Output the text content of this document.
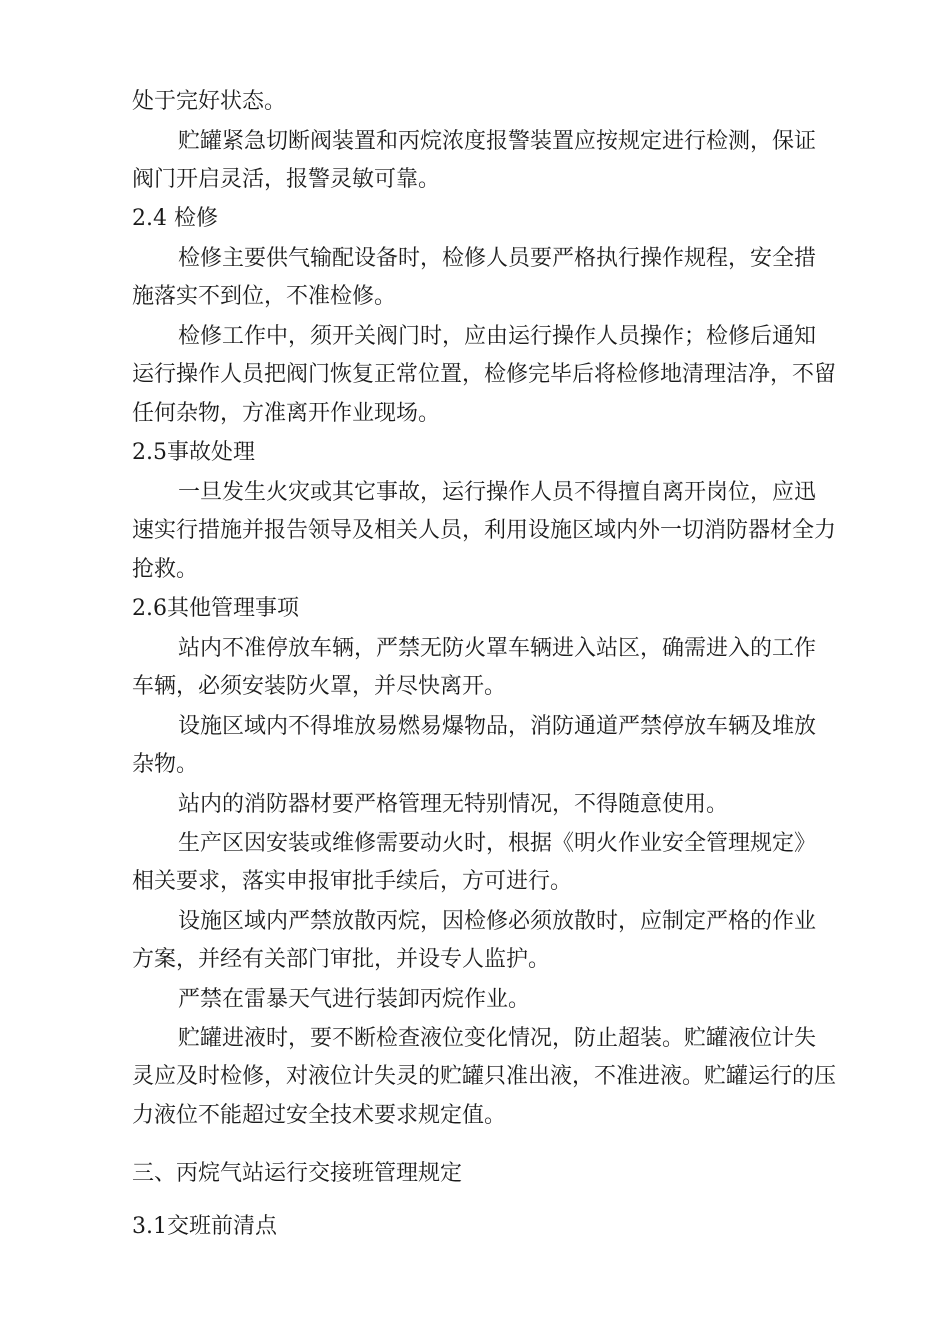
处于完好状态。
贮罐紧急切断阀装置和丙烷浓度报警装置应按规定进行检测，保证
阀门开启灵活，报警灵敏可靠。
2.4 检修
检修主要供气输配设备时，检修人员要严格执行操作规程，安全措
施落实不到位，不准检修。
检修工作中，须开关阀门时，应由运行操作人员操作；检修后通知
运行操作人员把阀门恢复正常位置，检修完毕后将检修地清理洁净，不留
任何杂物，方准离开作业现场。
2.5事故处理
一旦发生火灾或其它事故，运行操作人员不得擅自离开岗位，应迅
速实行措施并报告领导及相关人员，利用设施区域内外一切消防器材全力
抢救。
2.6其他管理事项
站内不准停放车辆，严禁无防火罩车辆进入站区，确需进入的工作
车辆，必须安装防火罩，并尽快离开。
设施区域内不得堆放易燃易爆物品，消防通道严禁停放车辆及堆放
杂物。
站内的消防器材要严格管理无特别情况，不得随意使用。
生产区因安装或维修需要动火时，根据《明火作业安全管理规定》
相关要求，落实申报审批手续后，方可进行。
设施区域内严禁放散丙烷，因检修必须放散时，应制定严格的作业
方案，并经有关部门审批，并设专人监护。
严禁在雷暴天气进行装卸丙烷作业。
贮罐进液时，要不断检查液位变化情况，防止超装。贮罐液位计失
灵应及时检修，对液位计失灵的贮罐只准出液，不准进液。贮罐运行的压
力液位不能超过安全技术要求规定值。
三、丙烷气站运行交接班管理规定
3.1交班前清点
